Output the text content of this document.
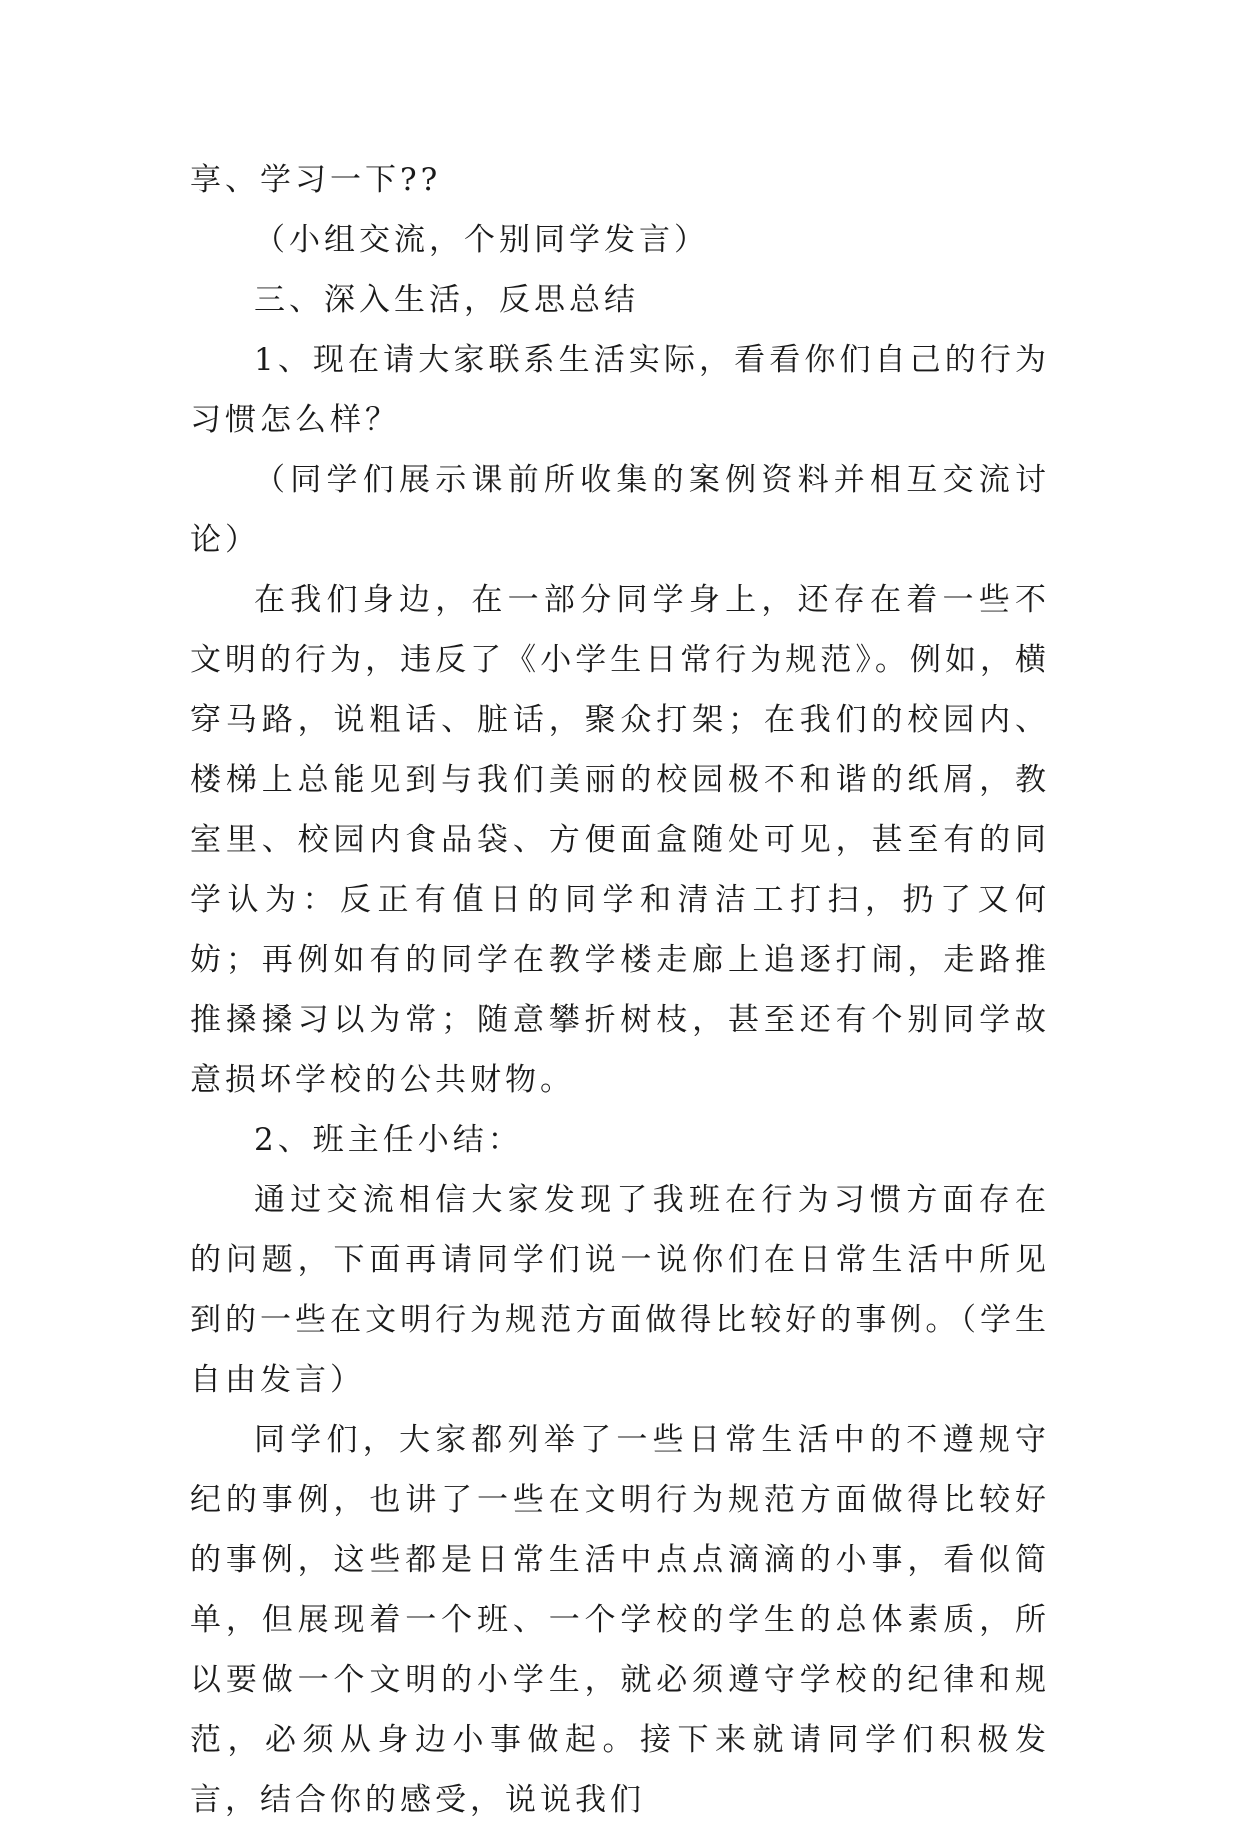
享、学习一下??

（小组交流，个别同学发言）

三、深入生活，反思总结

1、现在请大家联系生活实际，看看你们自己的行为习惯怎么样？

（同学们展示课前所收集的案例资料并相互交流讨论）

在我们身边，在一部分同学身上，还存在着一些不文明的行为，违反了《小学生日常行为规范》。例如，横穿马路，说粗话、脏话，聚众打架；在我们的校园内、楼梯上总能见到与我们美丽的校园极不和谐的纸屑，教室里、校园内食品袋、方便面盒随处可见，甚至有的同学认为：反正有值日的同学和清洁工打扫，扔了又何妨；再例如有的同学在教学楼走廊上追逐打闹，走路推推搡搡习以为常；随意攀折树枝，甚至还有个别同学故意损坏学校的公共财物。

2、班主任小结：

通过交流相信大家发现了我班在行为习惯方面存在的问题，下面再请同学们说一说你们在日常生活中所见到的一些在文明行为规范方面做得比较好的事例。（学生自由发言）

同学们，大家都列举了一些日常生活中的不遵规守纪的事例，也讲了一些在文明行为规范方面做得比较好的事例，这些都是日常生活中点点滴滴的小事，看似简单，但展现着一个班、一个学校的学生的总体素质，所以要做一个文明的小学生，就必须遵守学校的纪律和规范，必须从身边小事做起。接下来就请同学们积极发言，结合你的感受，说说我们
